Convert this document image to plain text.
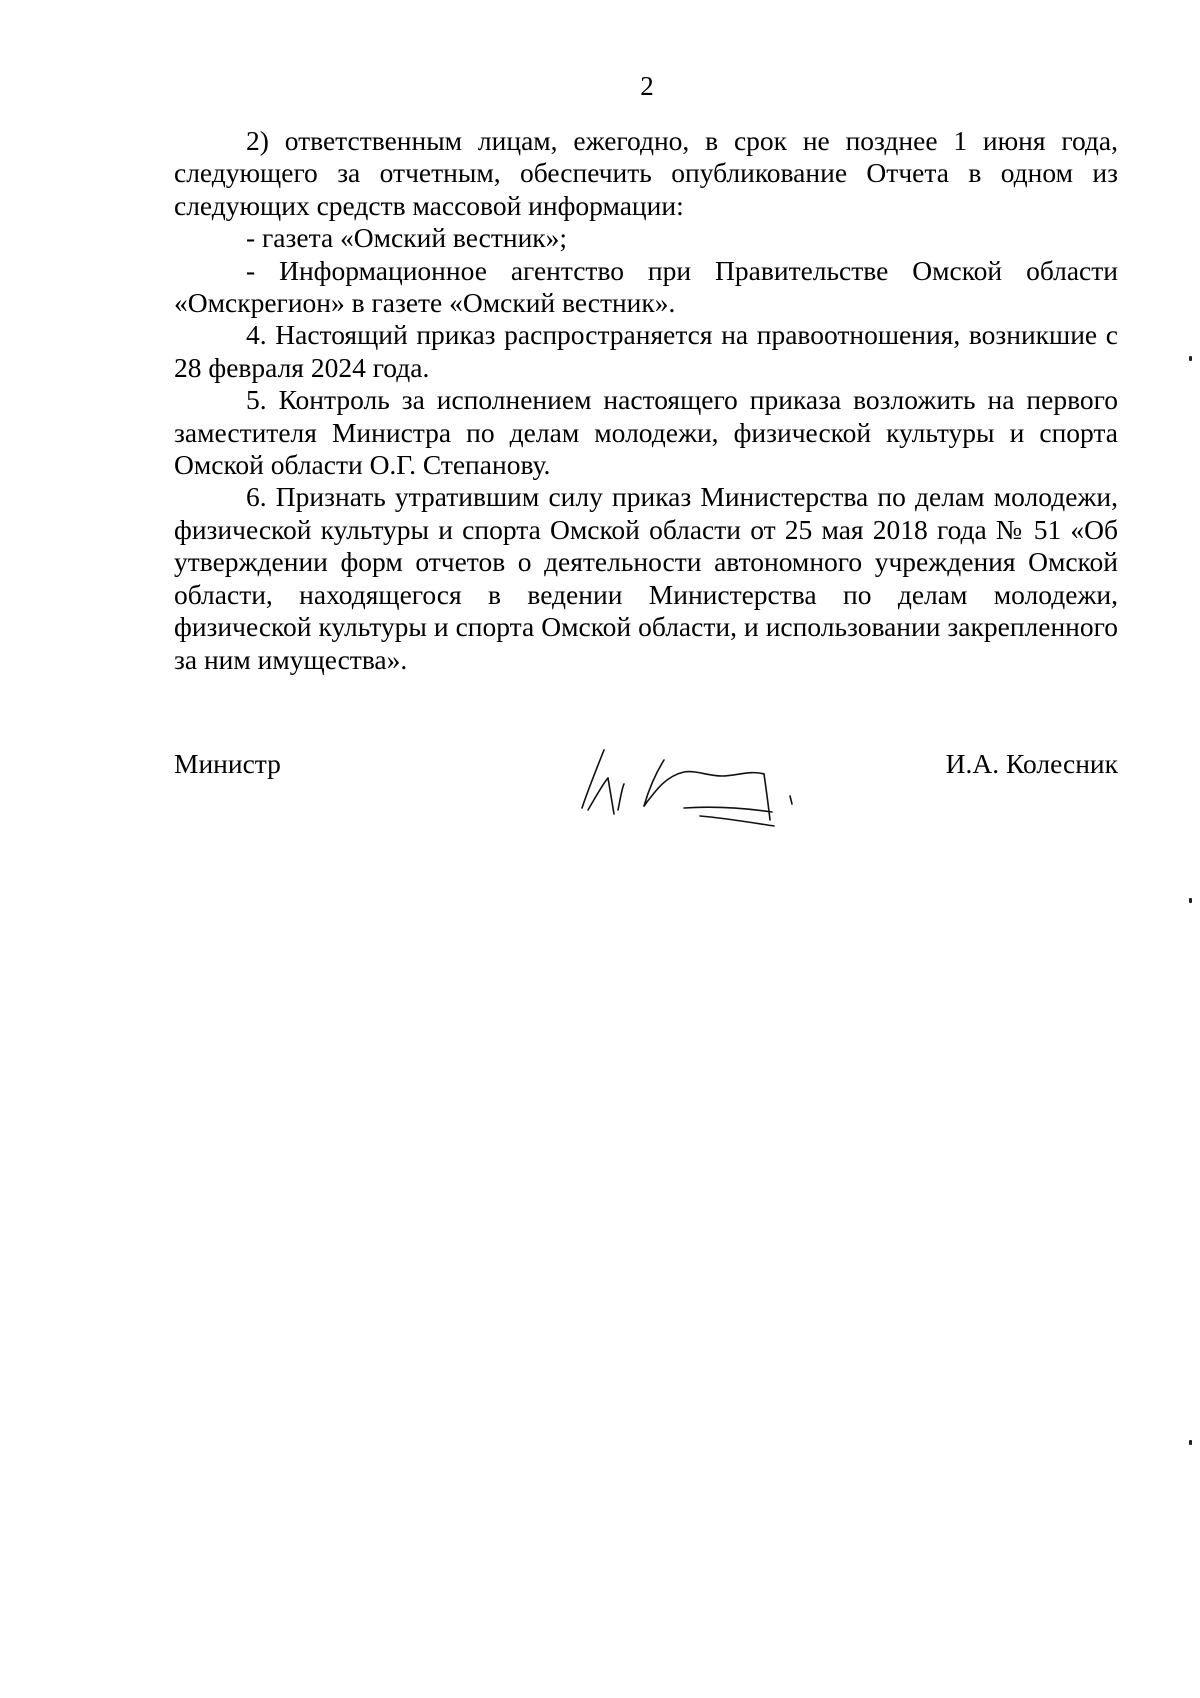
2

2) ответственным лицам, ежегодно, в срок не позднее 1 июня года, следующего за отчетным, обеспечить опубликование Отчета в одном из следующих средств массовой информации:

- газета «Омский вестник»;

- Информационное агентство при Правительстве Омской области «Омскрегион» в газете «Омский вестник».

4. Настоящий приказ распространяется на правоотношения, возникшие с 28 февраля 2024 года.

5. Контроль за исполнением настоящего приказа возложить на первого заместителя Министра по делам молодежи, физической культуры и спорта Омской области О.Г. Степанову.

6. Признать утратившим силу приказ Министерства по делам молодежи, физической культуры и спорта Омской области от 25 мая 2018 года № 51 «Об утверждении форм отчетов о деятельности автономного учреждения Омской области, находящегося в ведении Министерства по делам молодежи, физической культуры и спорта Омской области, и использовании закрепленного за ним имущества».

Министр	И.А. Колесник
